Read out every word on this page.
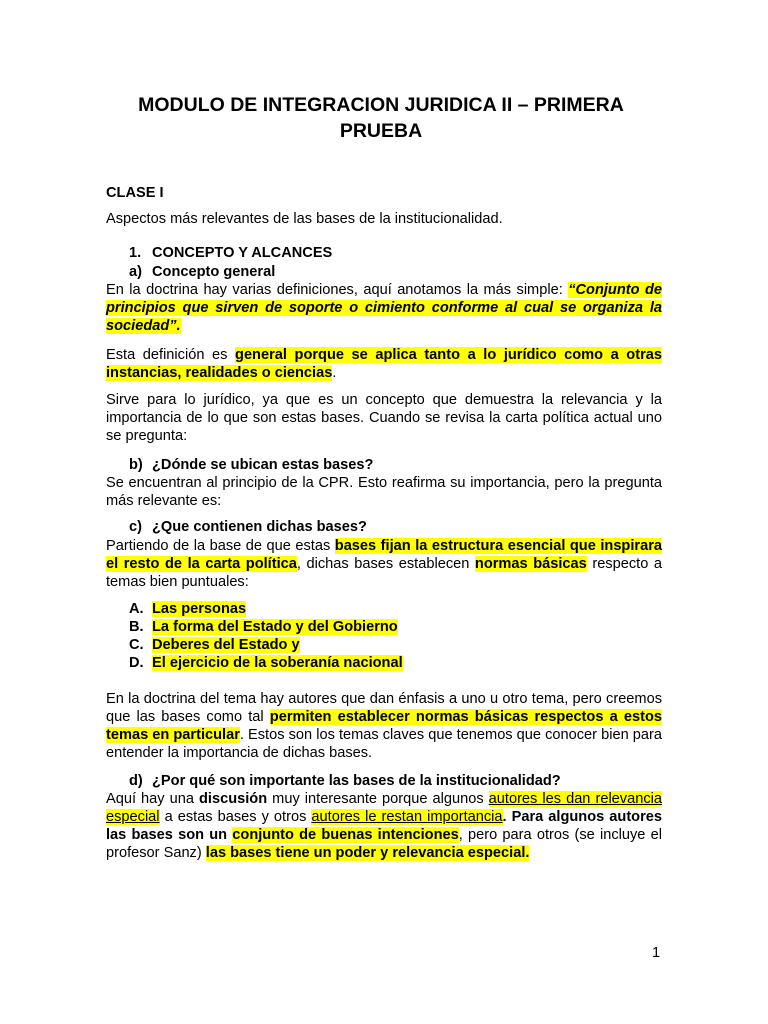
MODULO DE INTEGRACION JURIDICA II – PRIMERA PRUEBA
CLASE I

Aspectos más relevantes de las bases de la institucionalidad.

1. CONCEPTO Y ALCANCES
a) Concepto general

En la doctrina hay varias definiciones, aquí anotamos la más simple: “Conjunto de principios que sirven de soporte o cimiento conforme al cual se organiza la sociedad”.

Esta definición es general porque se aplica tanto a lo jurídico como a otras instancias, realidades o ciencias.

Sirve para lo jurídico, ya que es un concepto que demuestra la relevancia y la importancia de lo que son estas bases. Cuando se revisa la carta política actual uno se pregunta:

b) ¿Dónde se ubican estas bases?

Se encuentran al principio de la CPR. Esto reafirma su importancia, pero la pregunta más relevante es:

c) ¿Que contienen dichas bases?

Partiendo de la base de que estas bases fijan la estructura esencial que inspirara el resto de la carta política, dichas bases establecen normas básicas respecto a temas bien puntuales:

A. Las personas
B. La forma del Estado y del Gobierno
C. Deberes del Estado y
D. El ejercicio de la soberanía nacional

En la doctrina del tema hay autores que dan énfasis a uno u otro tema, pero creemos que las bases como tal permiten establecer normas básicas respectos a estos temas en particular. Estos son los temas claves que tenemos que conocer bien para entender la importancia de dichas bases.

d) ¿Por qué son importante las bases de la institucionalidad?

Aquí hay una discusión muy interesante porque algunos autores les dan relevancia especial a estas bases y otros autores le restan importancia. Para algunos autores las bases son un conjunto de buenas intenciones, pero para otros (se incluye el profesor Sanz) las bases tiene un poder y relevancia especial.

1
